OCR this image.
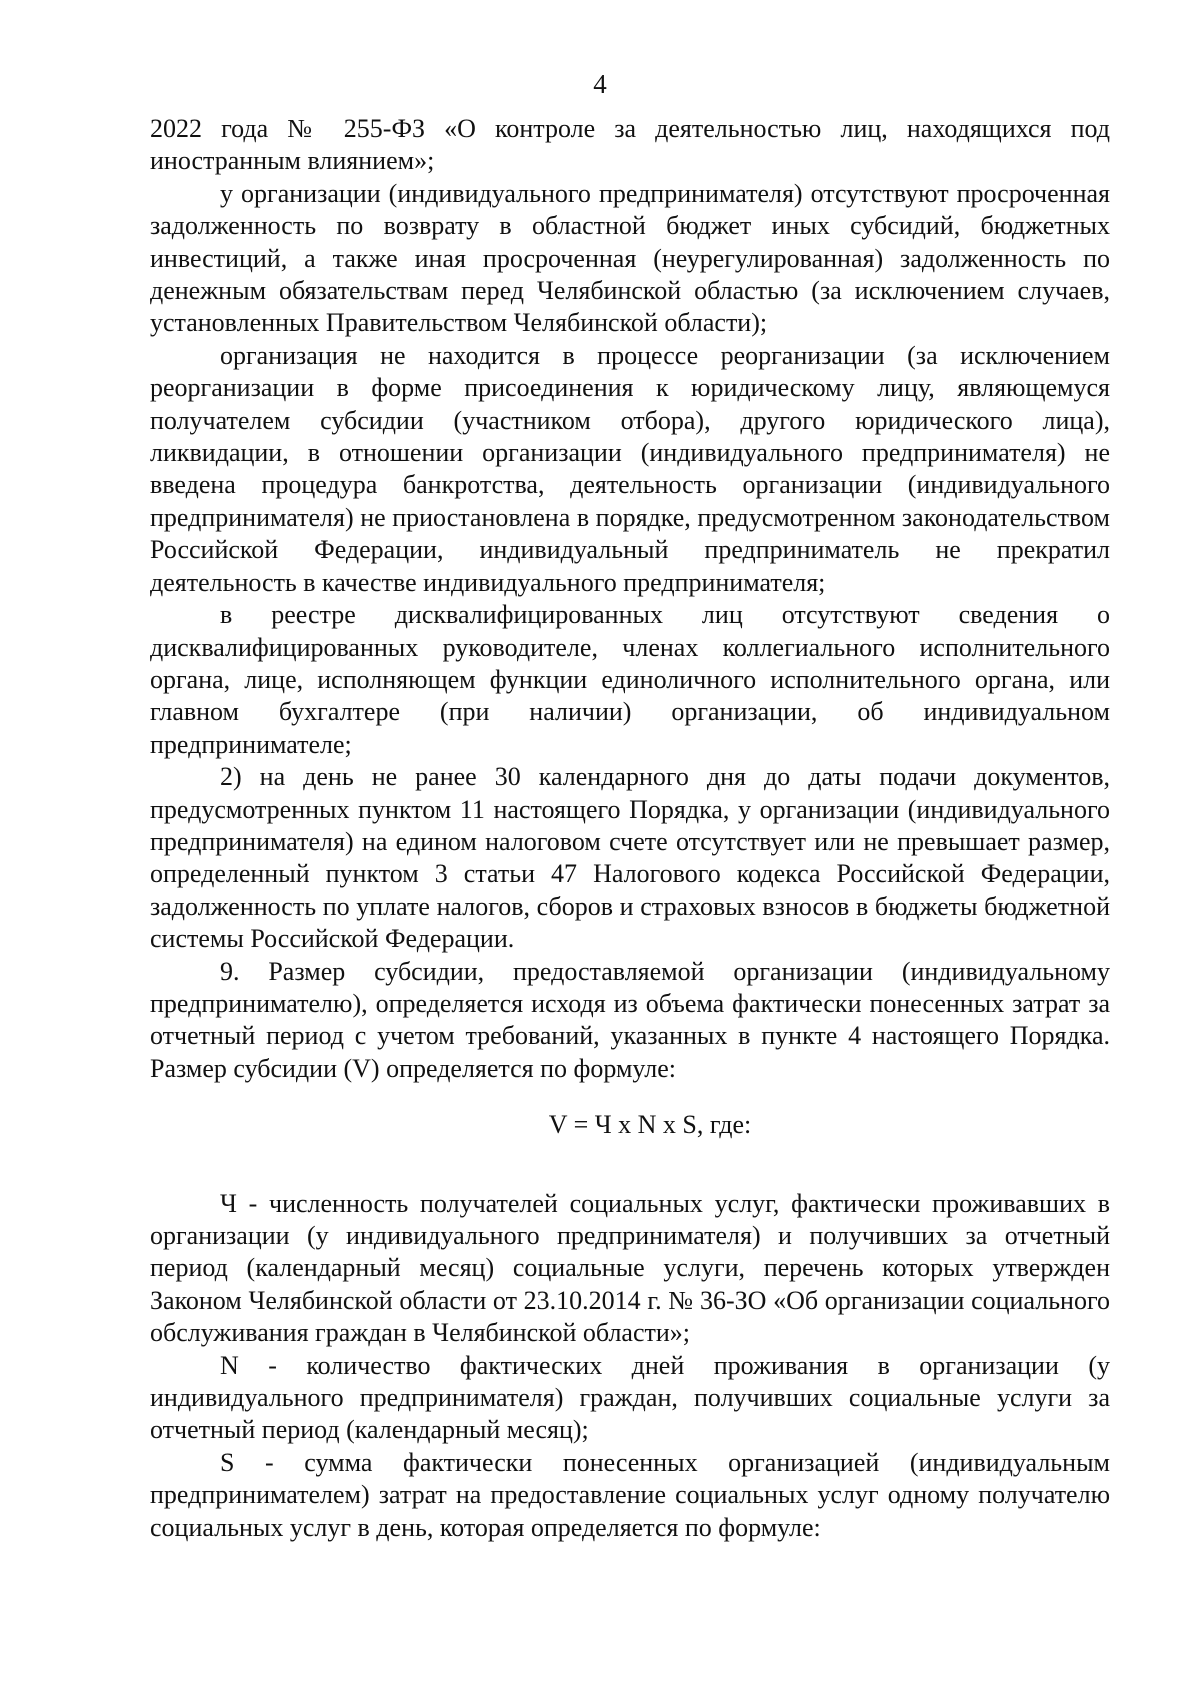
4

2022 года № 255-ФЗ «О контроле за деятельностью лиц, находящихся под иностранным влиянием»;

у организации (индивидуального предпринимателя) отсутствуют просроченная задолженность по возврату в областной бюджет иных субсидий, бюджетных инвестиций, а также иная просроченная (неурегулированная) задолженность по денежным обязательствам перед Челябинской областью (за исключением случаев, установленных Правительством Челябинской области);

организация не находится в процессе реорганизации (за исключением реорганизации в форме присоединения к юридическому лицу, являющемуся получателем субсидии (участником отбора), другого юридического лица), ликвидации, в отношении организации (индивидуального предпринимателя) не введена процедура банкротства, деятельность организации (индивидуального предпринимателя) не приостановлена в порядке, предусмотренном законодательством Российской Федерации, индивидуальный предприниматель не прекратил деятельность в качестве индивидуального предпринимателя;

в реестре дисквалифицированных лиц отсутствуют сведения о дисквалифицированных руководителе, членах коллегиального исполнительного органа, лице, исполняющем функции единоличного исполнительного органа, или главном бухгалтере (при наличии) организации, об индивидуальном предпринимателе;

2) на день не ранее 30 календарного дня до даты подачи документов, предусмотренных пунктом 11 настоящего Порядка, у организации (индивидуального предпринимателя) на едином налоговом счете отсутствует или не превышает размер, определенный пунктом 3 статьи 47 Налогового кодекса Российской Федерации, задолженность по уплате налогов, сборов и страховых взносов в бюджеты бюджетной системы Российской Федерации.

9. Размер субсидии, предоставляемой организации (индивидуальному предпринимателю), определяется исходя из объема фактически понесенных затрат за отчетный период с учетом требований, указанных в пункте 4 настоящего Порядка. Размер субсидии (V) определяется по формуле:

V = Ч x N x S, где:

Ч - численность получателей социальных услуг, фактически проживавших в организации (у индивидуального предпринимателя) и получивших за отчетный период (календарный месяц) социальные услуги, перечень которых утвержден Законом Челябинской области от 23.10.2014 г. № 36-ЗО «Об организации социального обслуживания граждан в Челябинской области»;

N - количество фактических дней проживания в организации (у индивидуального предпринимателя) граждан, получивших социальные услуги за отчетный период (календарный месяц);

S - сумма фактически понесенных организацией (индивидуальным предпринимателем) затрат на предоставление социальных услуг одному получателю социальных услуг в день, которая определяется по формуле:
